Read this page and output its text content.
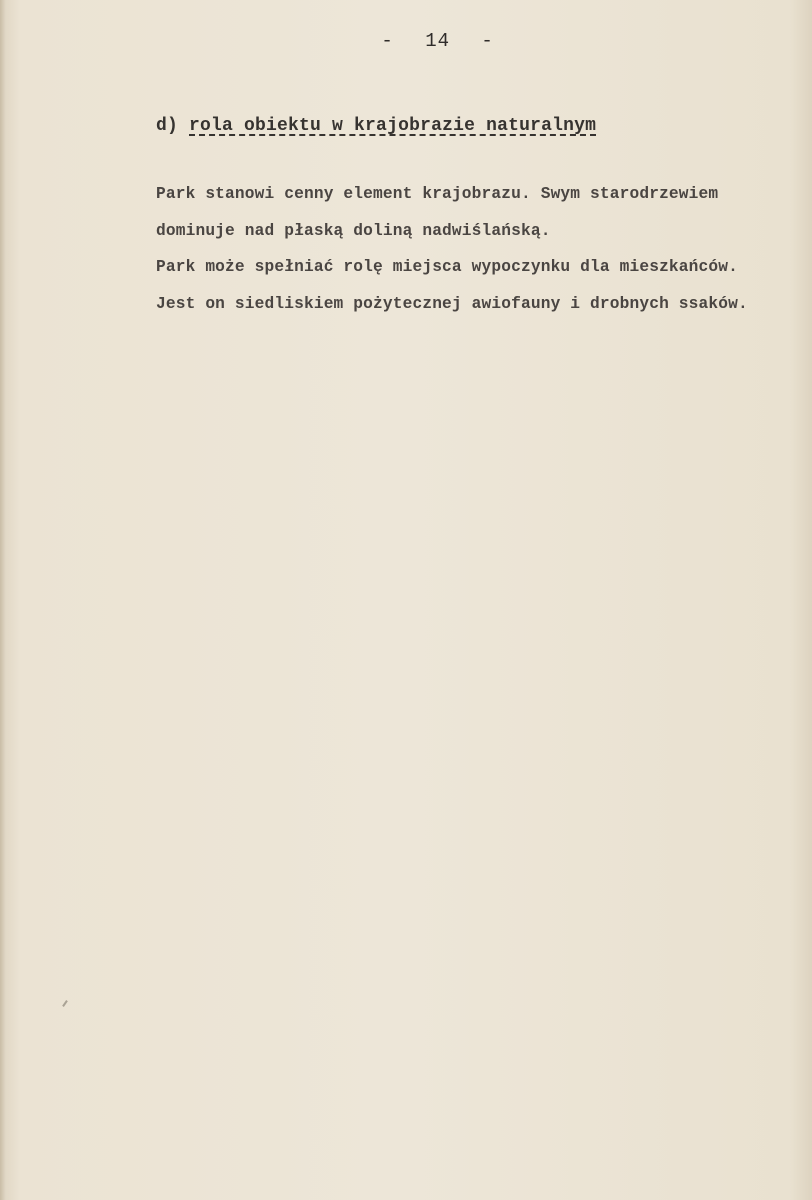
- 14 -

d) rola obiektu w krajobrazie naturalnym
Park stanowi cenny element krajobrazu. Swym starodrzewiem
dominuje nad płaską doliną nadwiślańską.
Park może spełniać rolę miejsca wypoczynku dla mieszkańców.
Jest on siedliskiem pożytecznej awiofauny i drobnych ssaków.
